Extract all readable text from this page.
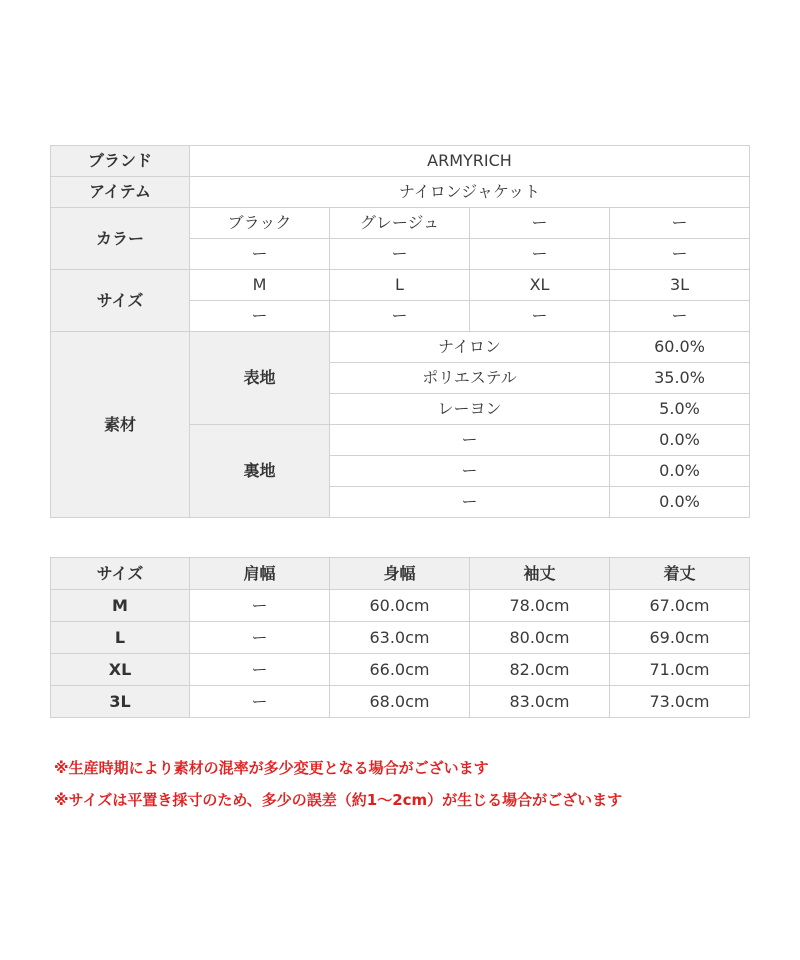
ブランド	ARMYRICH			
アイテム	ナイロンジャケット			
カラー	ブラック	グレージュ	ー	ー
	ー	ー	ー	ー
サイズ	M	L	XL	3L
	ー	ー	ー	ー
素材	表地	ナイロン		60.0%
		ポリエステル		35.0%
		レーヨン		5.0%
	裏地	ー		0.0%
		ー		0.0%
		ー		0.0%
サイズ	肩幅	身幅	袖丈	着丈
M	ー	60.0cm	78.0cm	67.0cm
L	ー	63.0cm	80.0cm	69.0cm
XL	ー	66.0cm	82.0cm	71.0cm
3L	ー	68.0cm	83.0cm	73.0cm
※生産時期により素材の混率が多少変更となる場合がございます
※サイズは平置き採寸のため、多少の誤差（約1～2cm）が生じる場合がございます
